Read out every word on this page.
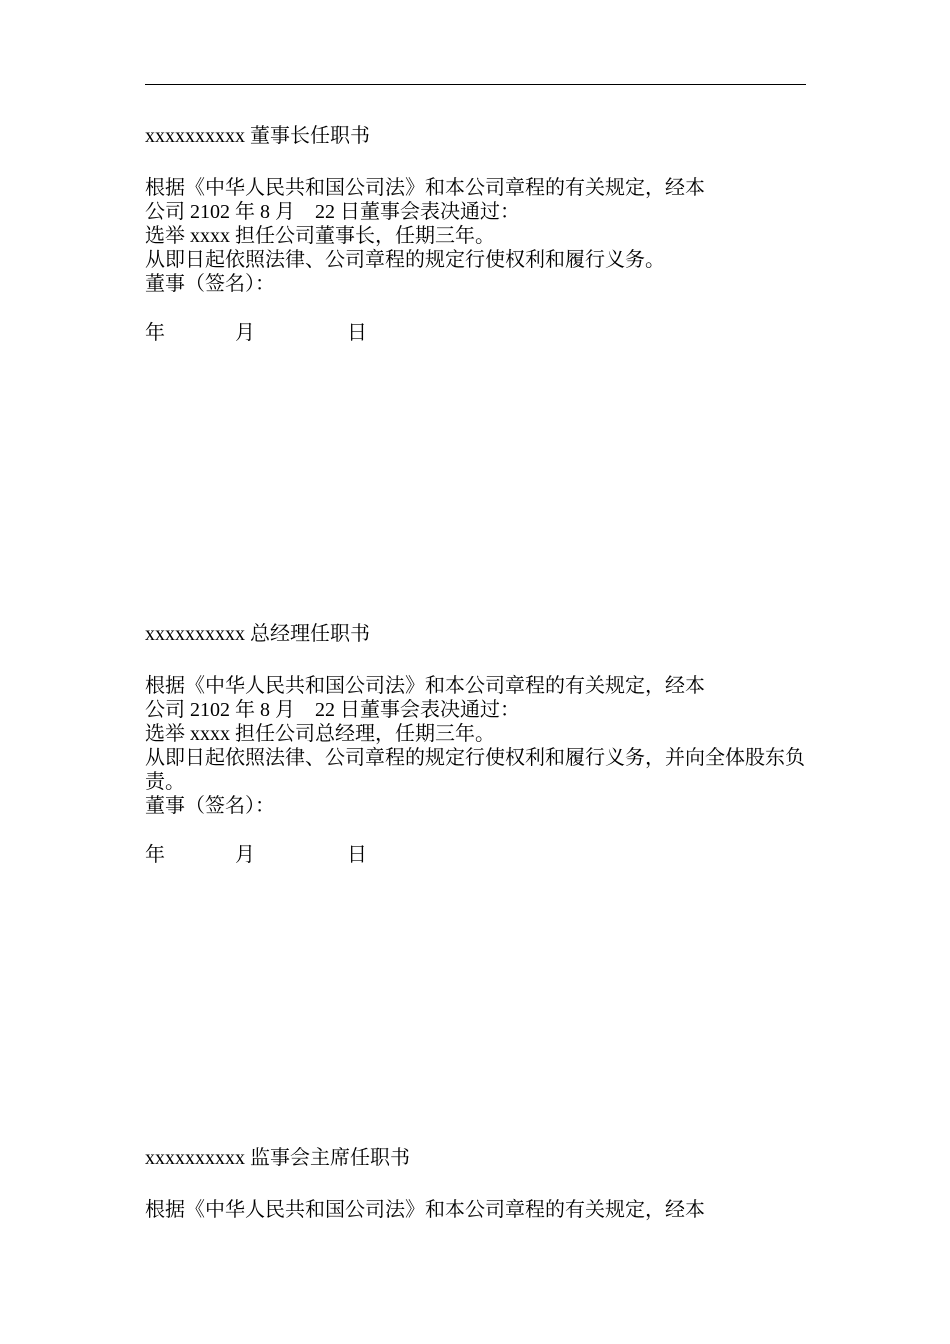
xxxxxxxxxx 董事长任职书
根据《中华人民共和国公司法》和本公司章程的有关规定，经本
公司 2102 年 8 月　22 日董事会表决通过：
选举 xxxx 担任公司董事长，任期三年。
从即日起依照法律、公司章程的规定行使权利和履行义务。
董事（签名）：
年	月	日
xxxxxxxxxx 总经理任职书
根据《中华人民共和国公司法》和本公司章程的有关规定，经本
公司 2102 年 8 月　22 日董事会表决通过：
选举 xxxx 担任公司总经理，任期三年。
从即日起依照法律、公司章程的规定行使权利和履行义务，并向全体股东负责。
董事（签名）：
年	月	日
xxxxxxxxxx 监事会主席任职书
根据《中华人民共和国公司法》和本公司章程的有关规定，经本
